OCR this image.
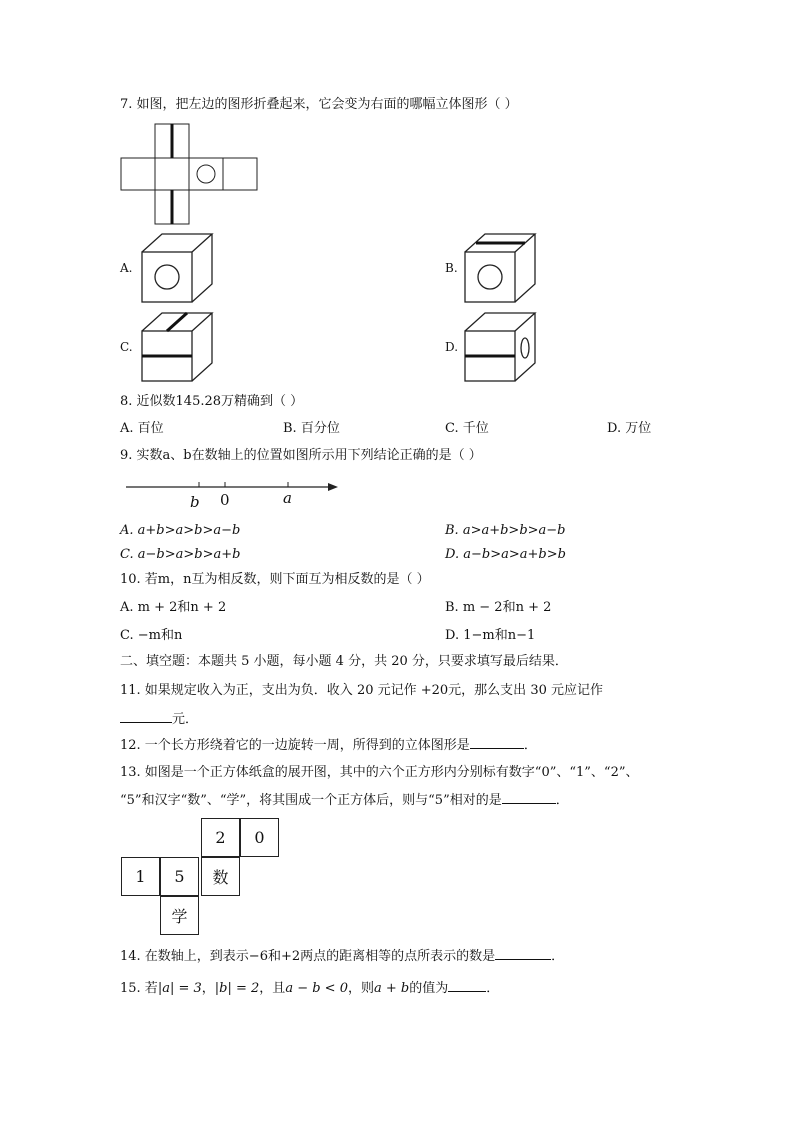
7. 如图，把左边的图形折叠起来，它会变为右面的哪幅立体图形（ ）
A.	B.
C.	D.
8. 近似数145.28万精确到（ ）
A. 百位	B. 百分位	C. 千位	D. 万位
9. 实数a、b在数轴上的位置如图所示用下列结论正确的是（ ）
b 0	a
A. a+b>a>b>a−b	B. a>a+b>b>a−b
C. a−b>a>b>a+b	D. a−b>a>a+b>b
10. 若m，n互为相反数，则下面互为相反数的是（ ）
A. m + 2和n + 2	B. m − 2和n + 2
C. −m和n	D. 1−m和n−1
二、填空题：本题共 5 小题，每小题 4 分，共 20 分，只要求填写最后结果．
11. 如果规定收入为正，支出为负．收入 20 元记作 +20元，那么支出 30 元应记作
元．
12. 一个长方形绕着它的一边旋转一周，所得到的立体图形是	．
13. 如图是一个正方体纸盒的展开图，其中的六个正方形内分别标有数字“0”、“1”、“2”、
“5”和汉字“数”、“学”，将其围成一个正方体后，则与“5”相对的是	．
2	0
1	5	数
学
14. 在数轴上，到表示−6和+2两点的距离相等的点所表示的数是	．
15. 若|a| = 3，|b| = 2，且a − b < 0，则a + b的值为	．
